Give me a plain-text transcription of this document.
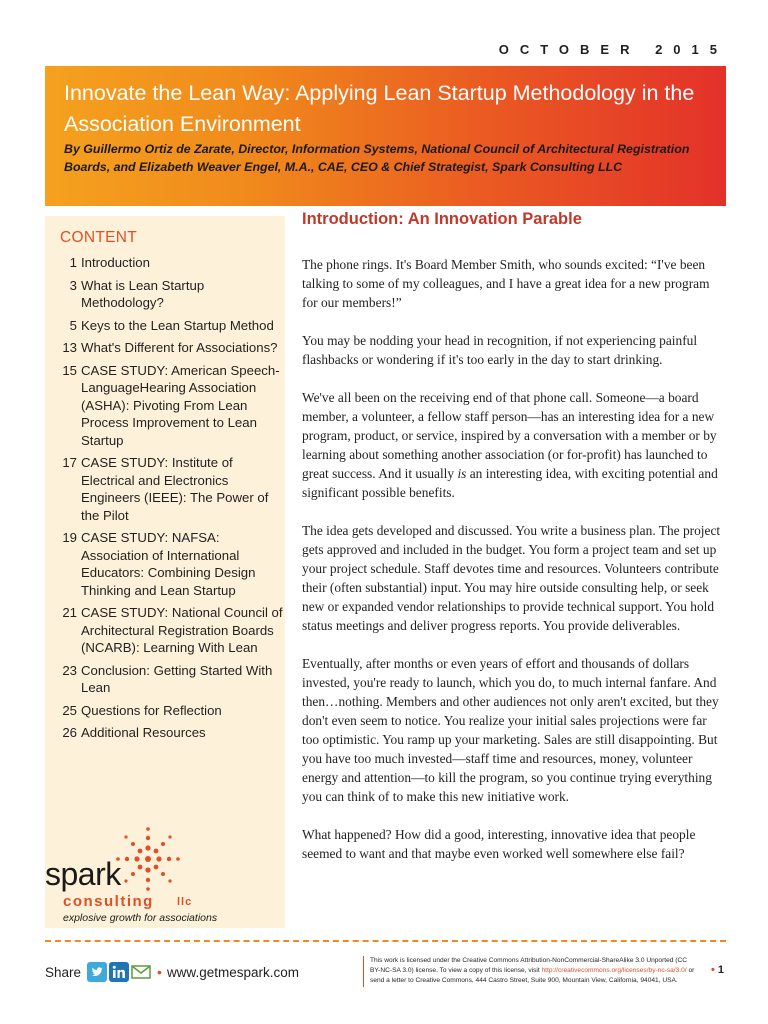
OCTOBER 2015
Innovate the Lean Way: Applying Lean Startup Methodology in the Association Environment
By Guillermo Ortiz de Zarate, Director, Information Systems, National Council of Architectural Registration Boards, and Elizabeth Weaver Engel, M.A., CAE, CEO & Chief Strategist, Spark Consulting LLC
CONTENT
1 Introduction
3 What is Lean Startup Methodology?
5 Keys to the Lean Startup Method
13 What's Different for Associations?
15 CASE STUDY: American Speech-LanguageHearing Association (ASHA): Pivoting From Lean Process Improvement to Lean Startup
17 CASE STUDY: Institute of Electrical and Electronics Engineers (IEEE): The Power of the Pilot
19 CASE STUDY: NAFSA: Association of International Educators: Combining Design Thinking and Lean Startup
21 CASE STUDY: National Council of Architectural Registration Boards (NCARB): Learning With Lean
23 Conclusion: Getting Started With Lean
25 Questions for Reflection
26 Additional Resources
spark
consulting llc
explosive growth for associations
Introduction: An Innovation Parable

The phone rings. It's Board Member Smith, who sounds excited: “I've been talking to some of my colleagues, and I have a great idea for a new program for our members!”

You may be nodding your head in recognition, if not experiencing painful flashbacks or wondering if it's too early in the day to start drinking.

We've all been on the receiving end of that phone call. Someone—a board member, a volunteer, a fellow staff person—has an interesting idea for a new program, product, or service, inspired by a conversation with a member or by learning about something another association (or for-profit) has launched to great success. And it usually is an interesting idea, with exciting potential and significant possible benefits.

The idea gets developed and discussed. You write a business plan. The project gets approved and included in the budget. You form a project team and set up your project schedule. Staff devotes time and resources. Volunteers contribute their (often substantial) input. You may hire outside consulting help, or seek new or expanded vendor relationships to provide technical support. You hold status meetings and deliver progress reports. You provide deliverables.

Eventually, after months or even years of effort and thousands of dollars invested, you're ready to launch, which you do, to much internal fanfare. And then…nothing. Members and other audiences not only aren't excited, but they don't even seem to notice. You realize your initial sales projections were far too optimistic. You ramp up your marketing. Sales are still disappointing. But you have too much invested—staff time and resources, money, volunteer energy and attention—to kill the program, so you continue trying everything you can think of to make this new initiative work.

What happened? How did a good, interesting, innovative idea that people seemed to want and that maybe even worked well somewhere else fail?

Share	• www.getmespark.com
This work is licensed under the Creative Commons Attribution-NonCommercial-ShareAlike 3.0 Unported (CC BY-NC-SA 3.0) license. To view a copy of this license, visit http://creativecommons.org/licenses/by-nc-sa/3.0/ or send a letter to Creative Commons, 444 Castro Street, Suite 900, Mountain View, California, 94041, USA.
• 1
